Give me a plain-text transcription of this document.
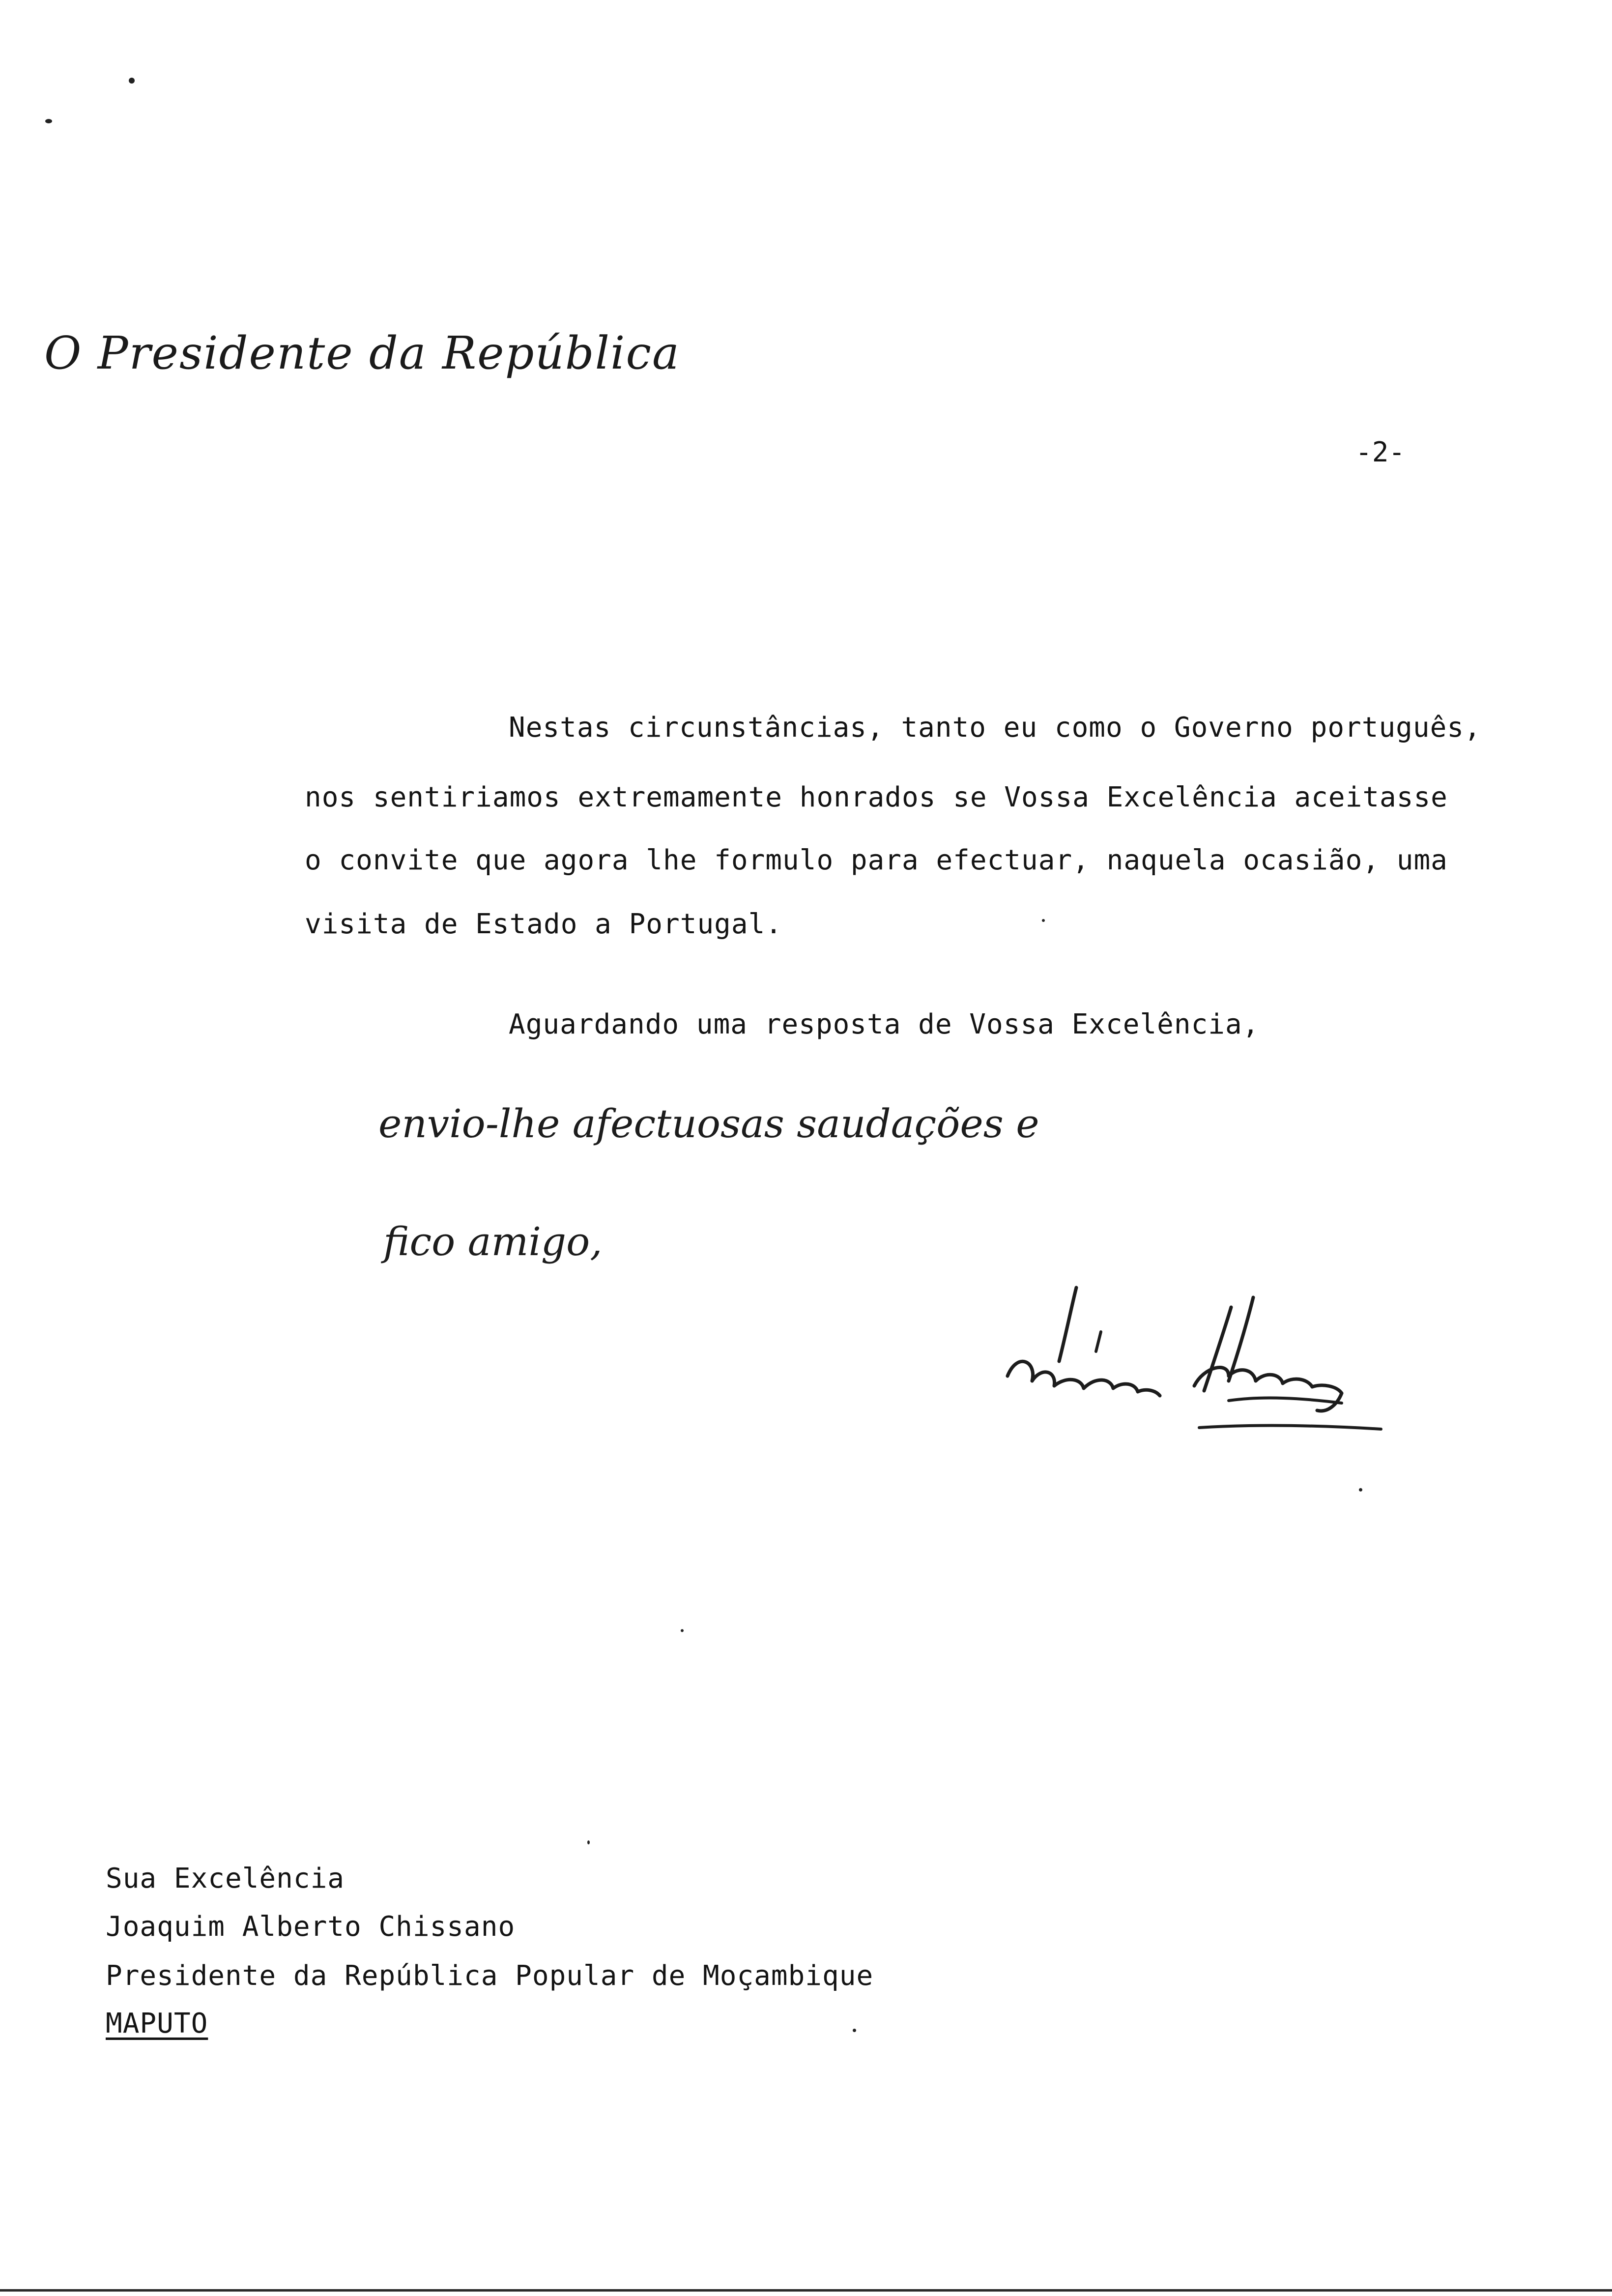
O Presidente da República
-2-
Nestas circunstâncias, tanto eu como o Governo português,
nos sentiriamos extremamente honrados se Vossa Excelência aceitasse
o convite que agora lhe formulo para efectuar, naquela ocasião, uma
visita de Estado a Portugal.
Aguardando uma resposta de Vossa Excelência,
envio-lhe afectuosas saudações e
fico amigo,
Sua Excelência
Joaquim Alberto Chissano
Presidente da República Popular de Moçambique
MAPUTO
